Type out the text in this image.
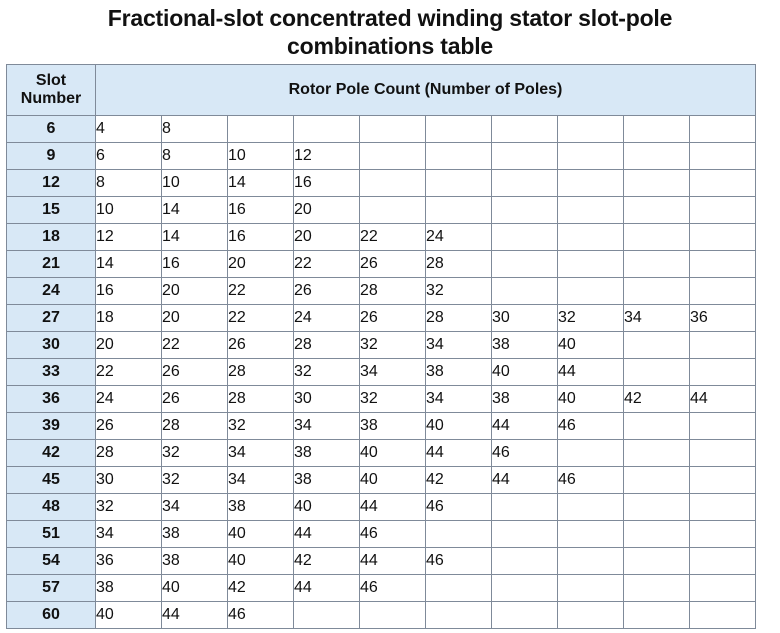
Fractional-slot concentrated winding stator slot-pole
combinations table
Slot
Number	Rotor Pole Count (Number of Poles)									
6	4	8								
9	6	8	10	12						
12	8	10	14	16						
15	10	14	16	20						
18	12	14	16	20	22	24				
21	14	16	20	22	26	28				
24	16	20	22	26	28	32				
27	18	20	22	24	26	28	30	32	34	36
30	20	22	26	28	32	34	38	40		
33	22	26	28	32	34	38	40	44		
36	24	26	28	30	32	34	38	40	42	44
39	26	28	32	34	38	40	44	46		
42	28	32	34	38	40	44	46			
45	30	32	34	38	40	42	44	46		
48	32	34	38	40	44	46				
51	34	38	40	44	46					
54	36	38	40	42	44	46				
57	38	40	42	44	46					
60	40	44	46							
